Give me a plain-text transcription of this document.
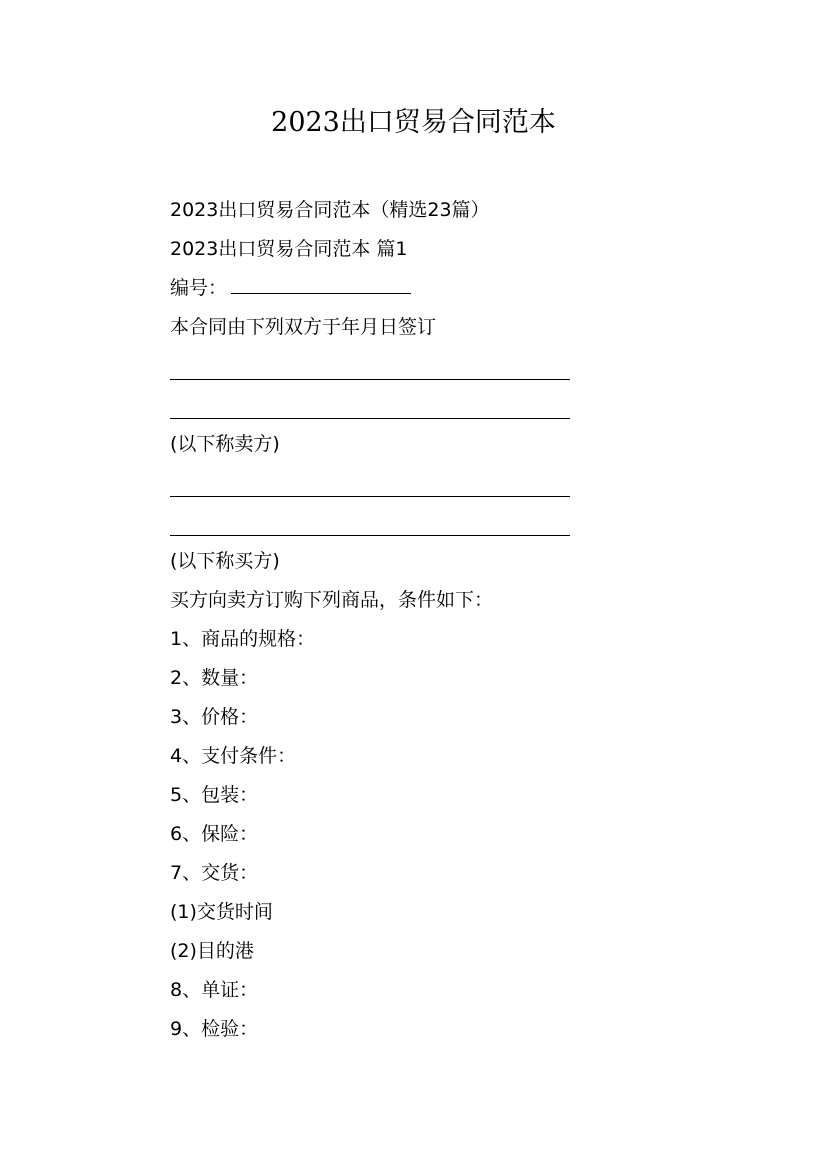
2023出口贸易合同范本
2023出口贸易合同范本（精选23篇）
2023出口贸易合同范本 篇1
编号：
本合同由下列双方于年月日签订
(以下称卖方)
(以下称买方)
买方向卖方订购下列商品，条件如下：
1、商品的规格：
2、数量：
3、价格：
4、支付条件：
5、包装：
6、保险：
7、交货：
(1)交货时间
(2)目的港
8、单证：
9、检验：
